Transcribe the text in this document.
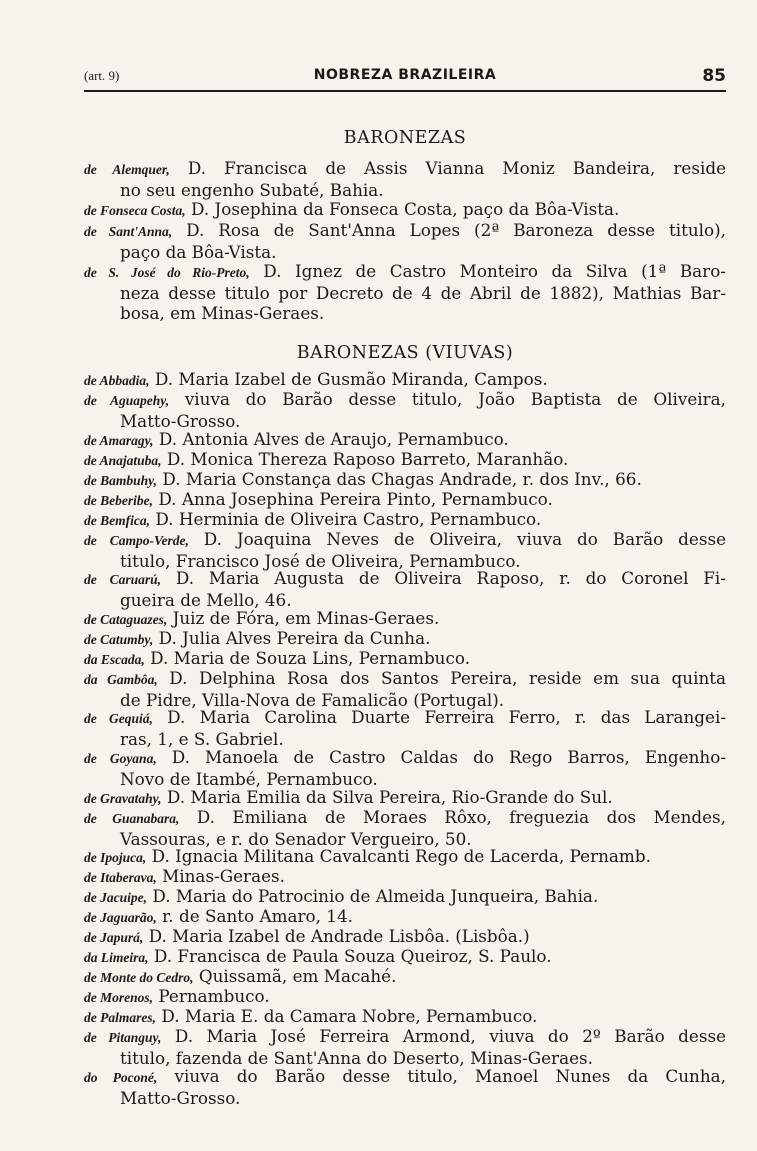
(art. 9)	NOBREZA BRAZILEIRA	85
BARONEZAS
de Alemquer, D. Francisca de Assis Vianna Moniz Bandeira, reside
no seu engenho Subaté, Bahia.
de Fonseca Costa, D. Josephina da Fonseca Costa, paço da Bôa-Vista.
de Sant'Anna, D. Rosa de Sant'Anna Lopes (2ª Baroneza desse titulo),
paço da Bôa-Vista.
de S. José do Rio-Preto, D. Ignez de Castro Monteiro da Silva (1ª Baro-
neza desse titulo por Decreto de 4 de Abril de 1882), Mathias Bar-
bosa, em Minas-Geraes.
BARONEZAS (VIUVAS)
de Abbadia, D. Maria Izabel de Gusmão Miranda, Campos.
de Aguapehy, viuva do Barão desse titulo, João Baptista de Oliveira,
Matto-Grosso.
de Amaragy, D. Antonia Alves de Araujo, Pernambuco.
de Anajatuba, D. Monica Thereza Raposo Barreto, Maranhão.
de Bambuhy, D. Maria Constança das Chagas Andrade, r. dos Inv., 66.
de Beberibe, D. Anna Josephina Pereira Pinto, Pernambuco.
de Bemfica, D. Herminia de Oliveira Castro, Pernambuco.
de Campo-Verde, D. Joaquina Neves de Oliveira, viuva do Barão desse
titulo, Francisco José de Oliveira, Pernambuco.
de Caruarú, D. Maria Augusta de Oliveira Raposo, r. do Coronel Fi-
gueira de Mello, 46.
de Cataguazes, Juiz de Fóra, em Minas-Geraes.
de Catumby, D. Julia Alves Pereira da Cunha.
da Escada, D. Maria de Souza Lins, Pernambuco.
da Gambôa, D. Delphina Rosa dos Santos Pereira, reside em sua quinta
de Pidre, Villa-Nova de Famalicão (Portugal).
de Gequiá, D. Maria Carolina Duarte Ferreira Ferro, r. das Larangei-
ras, 1, e S. Gabriel.
de Goyana, D. Manoela de Castro Caldas do Rego Barros, Engenho-
Novo de Itambé, Pernambuco.
de Gravatahy, D. Maria Emilia da Silva Pereira, Rio-Grande do Sul.
de Guanabara, D. Emiliana de Moraes Rôxo, freguezia dos Mendes,
Vassouras, e r. do Senador Vergueiro, 50.
de Ipojuca, D. Ignacia Militana Cavalcanti Rego de Lacerda, Pernamb.
de Itaberava, Minas-Geraes.
de Jacuipe, D. Maria do Patrocinio de Almeida Junqueira, Bahia.
de Jaguarão, r. de Santo Amaro, 14.
de Japurá, D. Maria Izabel de Andrade Lisbôa. (Lisbôa.)
da Limeira, D. Francisca de Paula Souza Queiroz, S. Paulo.
de Monte do Cedro, Quissamã, em Macahé.
de Morenos, Pernambuco.
de Palmares, D. Maria E. da Camara Nobre, Pernambuco.
de Pitanguy, D. Maria José Ferreira Armond, viuva do 2º Barão desse
titulo, fazenda de Sant'Anna do Deserto, Minas-Geraes.
do Poconé, viuva do Barão desse titulo, Manoel Nunes da Cunha,
Matto-Grosso.
